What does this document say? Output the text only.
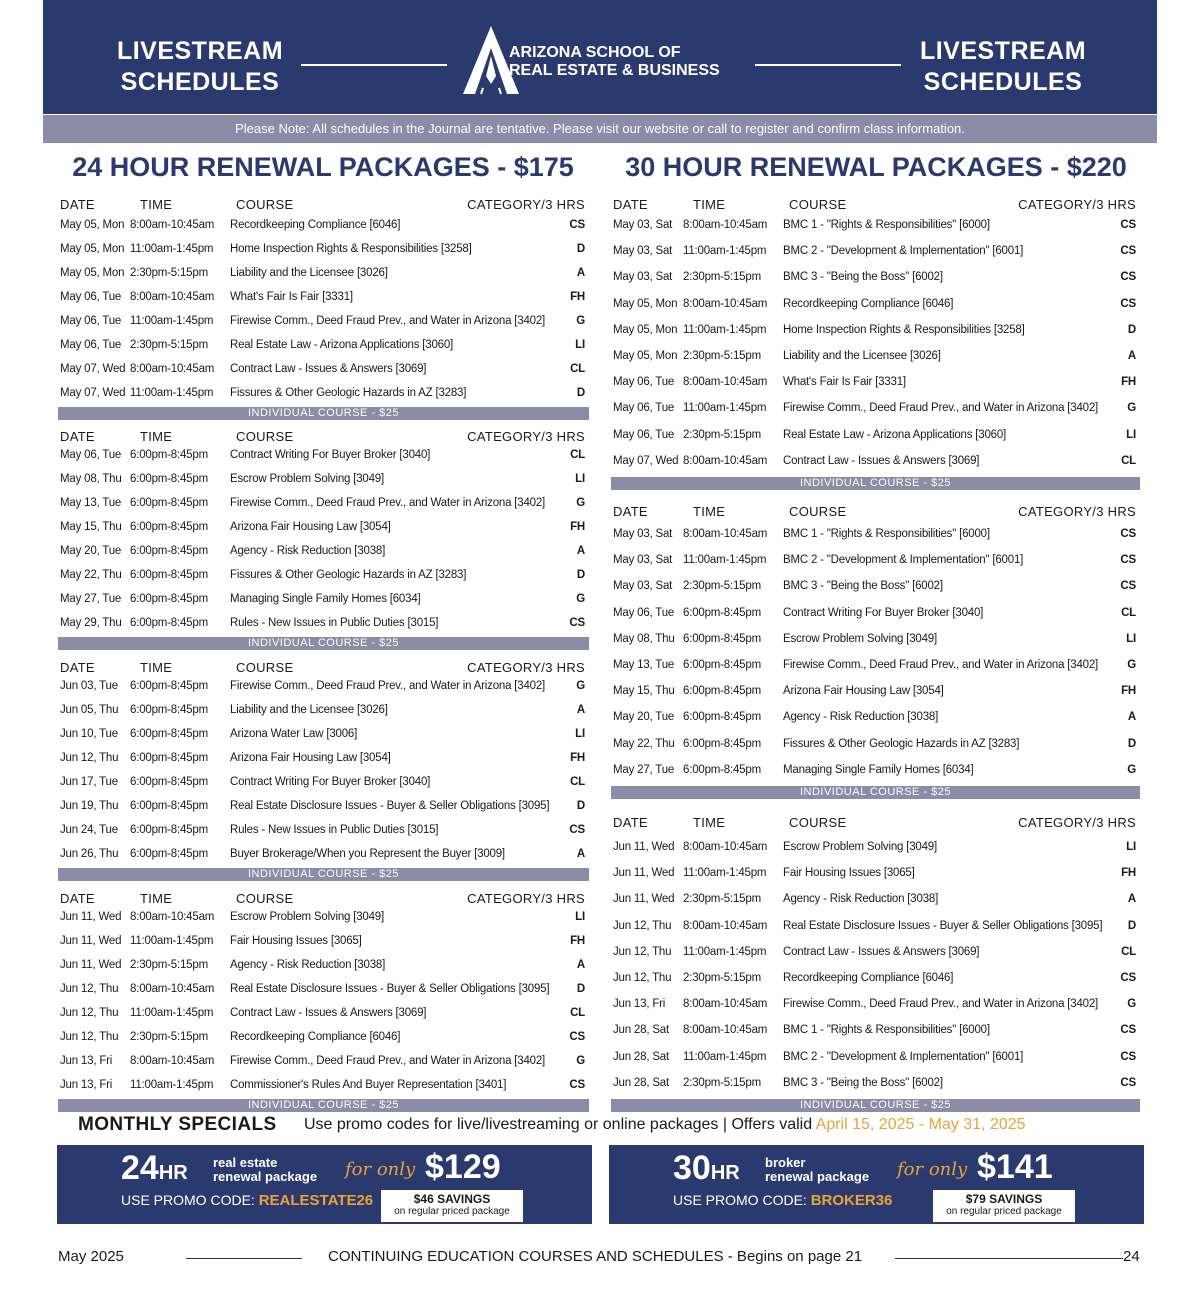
LIVESTREAM
SCHEDULES
ARIZONA SCHOOL OF
REAL ESTATE & BUSINESS
LIVESTREAM
SCHEDULES
Please Note: All schedules in the Journal are tentative. Please visit our website or call to register and confirm class information.
24 HOUR RENEWAL PACKAGES - $175	30 HOUR RENEWAL PACKAGES - $220
DATE	TIME	COURSE	CATEGORY/3 HRS
May 05, Mon 8:00am-10:45am Recordkeeping Compliance [6046]	CS
May 05, Mon 11:00am-1:45pm Home Inspection Rights & Responsibilities [3258]	D
May 05, Mon 2:30pm-5:15pm Liability and the Licensee [3026]	A
May 06, Tue 8:00am-10:45am What's Fair Is Fair [3331]	FH
May 06, Tue 11:00am-1:45pm Firewise Comm., Deed Fraud Prev., and Water in Arizona [3402]	G
May 06, Tue 2:30pm-5:15pm Real Estate Law - Arizona Applications [3060]	LI
May 07, Wed 8:00am-10:45am Contract Law - Issues & Answers [3069]	CL
May 07, Wed 11:00am-1:45pm Fissures & Other Geologic Hazards in AZ [3283]	D
INDIVIDUAL COURSE - $25
DATE	TIME	COURSE	CATEGORY/3 HRS
May 06, Tue 6:00pm-8:45pm Contract Writing For Buyer Broker [3040]	CL
May 08, Thu 6:00pm-8:45pm Escrow Problem Solving [3049]	LI
May 13, Tue 6:00pm-8:45pm Firewise Comm., Deed Fraud Prev., and Water in Arizona [3402]	G
May 15, Thu 6:00pm-8:45pm Arizona Fair Housing Law [3054]	FH
May 20, Tue 6:00pm-8:45pm Agency - Risk Reduction [3038]	A
May 22, Thu 6:00pm-8:45pm Fissures & Other Geologic Hazards in AZ [3283]	D
May 27, Tue 6:00pm-8:45pm Managing Single Family Homes [6034]	G
May 29, Thu 6:00pm-8:45pm Rules - New Issues in Public Duties [3015]	CS
INDIVIDUAL COURSE - $25
DATE	TIME	COURSE	CATEGORY/3 HRS
Jun 03, Tue 6:00pm-8:45pm Firewise Comm., Deed Fraud Prev., and Water in Arizona [3402]	G
Jun 05, Thu 6:00pm-8:45pm Liability and the Licensee [3026]	A
Jun 10, Tue 6:00pm-8:45pm Arizona Water Law [3006]	LI
Jun 12, Thu 6:00pm-8:45pm Arizona Fair Housing Law [3054]	FH
Jun 17, Tue 6:00pm-8:45pm Contract Writing For Buyer Broker [3040]	CL
Jun 19, Thu 6:00pm-8:45pm Real Estate Disclosure Issues - Buyer & Seller Obligations [3095] D
Jun 24, Tue 6:00pm-8:45pm Rules - New Issues in Public Duties [3015]	CS
Jun 26, Thu 6:00pm-8:45pm Buyer Brokerage/When you Represent the Buyer [3009]	A
INDIVIDUAL COURSE - $25
DATE	TIME	COURSE	CATEGORY/3 HRS
Jun 11, Wed 8:00am-10:45am Escrow Problem Solving [3049]	LI
Jun 11, Wed 11:00am-1:45pm Fair Housing Issues [3065]	FH
Jun 11, Wed 2:30pm-5:15pm Agency - Risk Reduction [3038]	A
Jun 12, Thu 8:00am-10:45am Real Estate Disclosure Issues - Buyer & Seller Obligations [3095] D
Jun 12, Thu 11:00am-1:45pm Contract Law - Issues & Answers [3069]	CL
Jun 12, Thu 2:30pm-5:15pm Recordkeeping Compliance [6046]	CS
Jun 13, Fri 8:00am-10:45am Firewise Comm., Deed Fraud Prev., and Water in Arizona [3402]	G
Jun 13, Fri 11:00am-1:45pm Commissioner's Rules And Buyer Representation [3401]	CS
INDIVIDUAL COURSE - $25
DATE	TIME	COURSE	CATEGORY/3 HRS
May 03, Sat 8:00am-10:45am BMC 1 - "Rights & Responsibilities" [6000]	CS
May 03, Sat 11:00am-1:45pm BMC 2 - "Development & Implementation" [6001]	CS
May 03, Sat 2:30pm-5:15pm BMC 3 - "Being the Boss" [6002]	CS
May 05, Mon 8:00am-10:45am Recordkeeping Compliance [6046]	CS
May 05, Mon 11:00am-1:45pm Home Inspection Rights & Responsibilities [3258]	D
May 05, Mon 2:30pm-5:15pm Liability and the Licensee [3026]	A
May 06, Tue 8:00am-10:45am What's Fair Is Fair [3331]	FH
May 06, Tue 11:00am-1:45pm Firewise Comm., Deed Fraud Prev., and Water in Arizona [3402]	G
May 06, Tue 2:30pm-5:15pm Real Estate Law - Arizona Applications [3060]	LI
May 07, Wed 8:00am-10:45am Contract Law - Issues & Answers [3069]	CL
INDIVIDUAL COURSE - $25
DATE	TIME	COURSE	CATEGORY/3 HRS
May 03, Sat 8:00am-10:45am BMC 1 - "Rights & Responsibilities" [6000]	CS
May 03, Sat 11:00am-1:45pm BMC 2 - "Development & Implementation" [6001]	CS
May 03, Sat 2:30pm-5:15pm BMC 3 - "Being the Boss" [6002]	CS
May 06, Tue 6:00pm-8:45pm Contract Writing For Buyer Broker [3040]	CL
May 08, Thu 6:00pm-8:45pm Escrow Problem Solving [3049]	LI
May 13, Tue 6:00pm-8:45pm Firewise Comm., Deed Fraud Prev., and Water in Arizona [3402]	G
May 15, Thu 6:00pm-8:45pm Arizona Fair Housing Law [3054]	FH
May 20, Tue 6:00pm-8:45pm Agency - Risk Reduction [3038]	A
May 22, Thu 6:00pm-8:45pm Fissures & Other Geologic Hazards in AZ [3283]	D
May 27, Tue 6:00pm-8:45pm Managing Single Family Homes [6034]	G
INDIVIDUAL COURSE - $25
DATE	TIME	COURSE	CATEGORY/3 HRS
Jun 11, Wed 8:00am-10:45am Escrow Problem Solving [3049]	LI
Jun 11, Wed 11:00am-1:45pm Fair Housing Issues [3065]	FH
Jun 11, Wed 2:30pm-5:15pm Agency - Risk Reduction [3038]	A
Jun 12, Thu 8:00am-10:45am Real Estate Disclosure Issues - Buyer & Seller Obligations [3095] D
Jun 12, Thu 11:00am-1:45pm Contract Law - Issues & Answers [3069]	CL
Jun 12, Thu 2:30pm-5:15pm Recordkeeping Compliance [6046]	CS
Jun 13, Fri 8:00am-10:45am Firewise Comm., Deed Fraud Prev., and Water in Arizona [3402]	G
Jun 28, Sat 8:00am-10:45am BMC 1 - "Rights & Responsibilities" [6000]	CS
Jun 28, Sat 11:00am-1:45pm BMC 2 - "Development & Implementation" [6001]	CS
Jun 28, Sat 2:30pm-5:15pm BMC 3 - "Being the Boss" [6002]	CS
INDIVIDUAL COURSE - $25
MONTHLY SPECIALS Use promo codes for live/livestreaming or online packages | Offers valid April 15, 2025 - May 31, 2025
24HR real estate
renewal package for only $129
USE PROMO CODE: REALESTATE26	$46 SAVINGS
on regular priced package
30HR broker
renewal package for only $141
USE PROMO CODE: BROKER36	$79 SAVINGS
on regular priced package
May 2025	CONTINUING EDUCATION COURSES AND SCHEDULES - Begins on page 21	24
